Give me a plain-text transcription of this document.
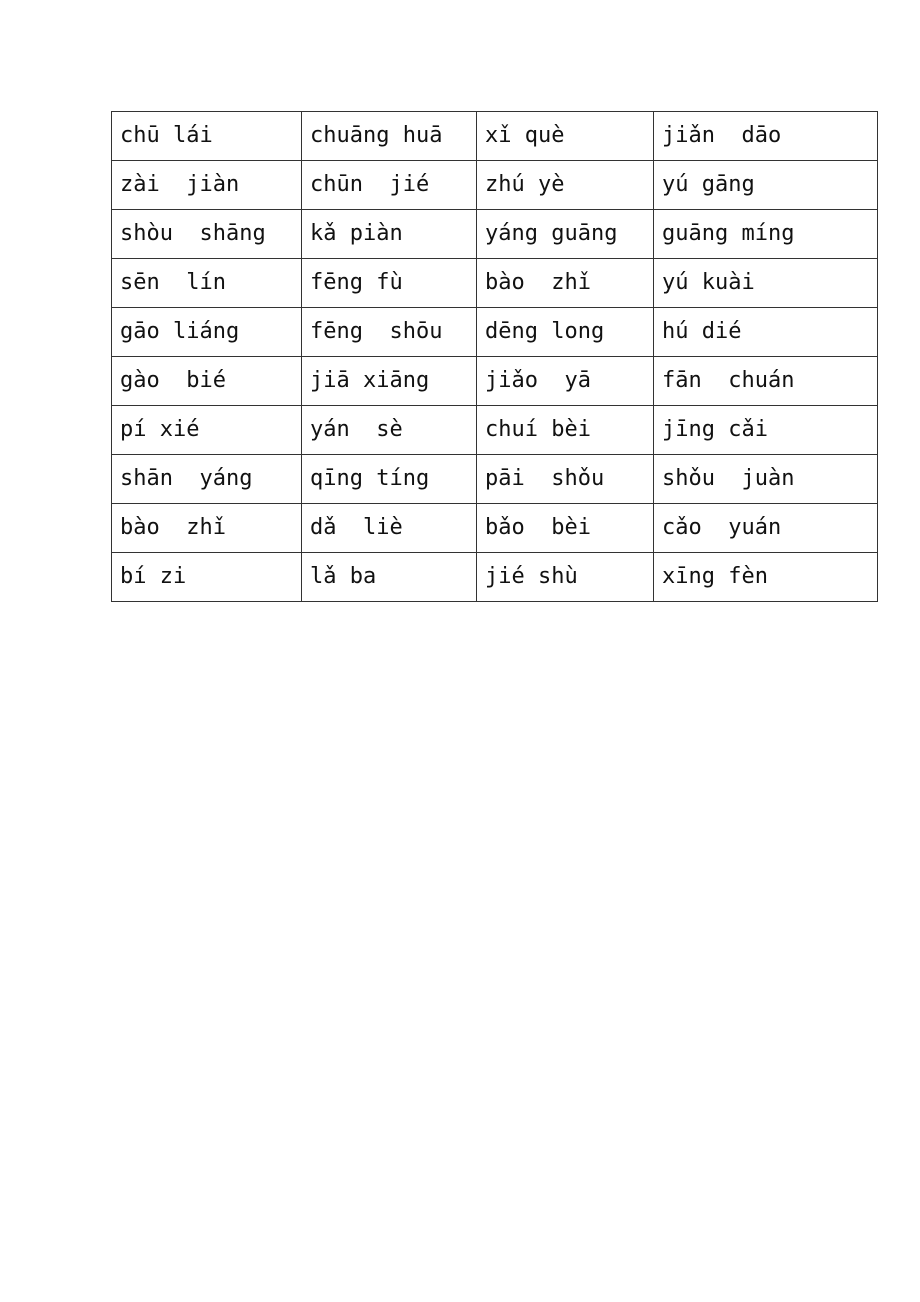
chū lái	chuāng huā	xǐ què	jiǎn  dāo
zài  jiàn	chūn  jié	zhú yè	yú gāng
shòu  shāng	kǎ piàn	yáng guāng	guāng míng
sēn  lín	fēng fù	bào  zhǐ	yú kuài
gāo liáng	fēng  shōu	dēng long	hú dié
gào  bié	jiā xiāng	jiǎo  yā	fān  chuán
pí xié	yán  sè	chuí bèi	jīng cǎi
shān  yáng	qīng tíng	pāi  shǒu	shǒu  juàn
bào  zhǐ	dǎ  liè	bǎo  bèi	cǎo  yuán
bí zi	lǎ ba	jié shù	xīng fèn
